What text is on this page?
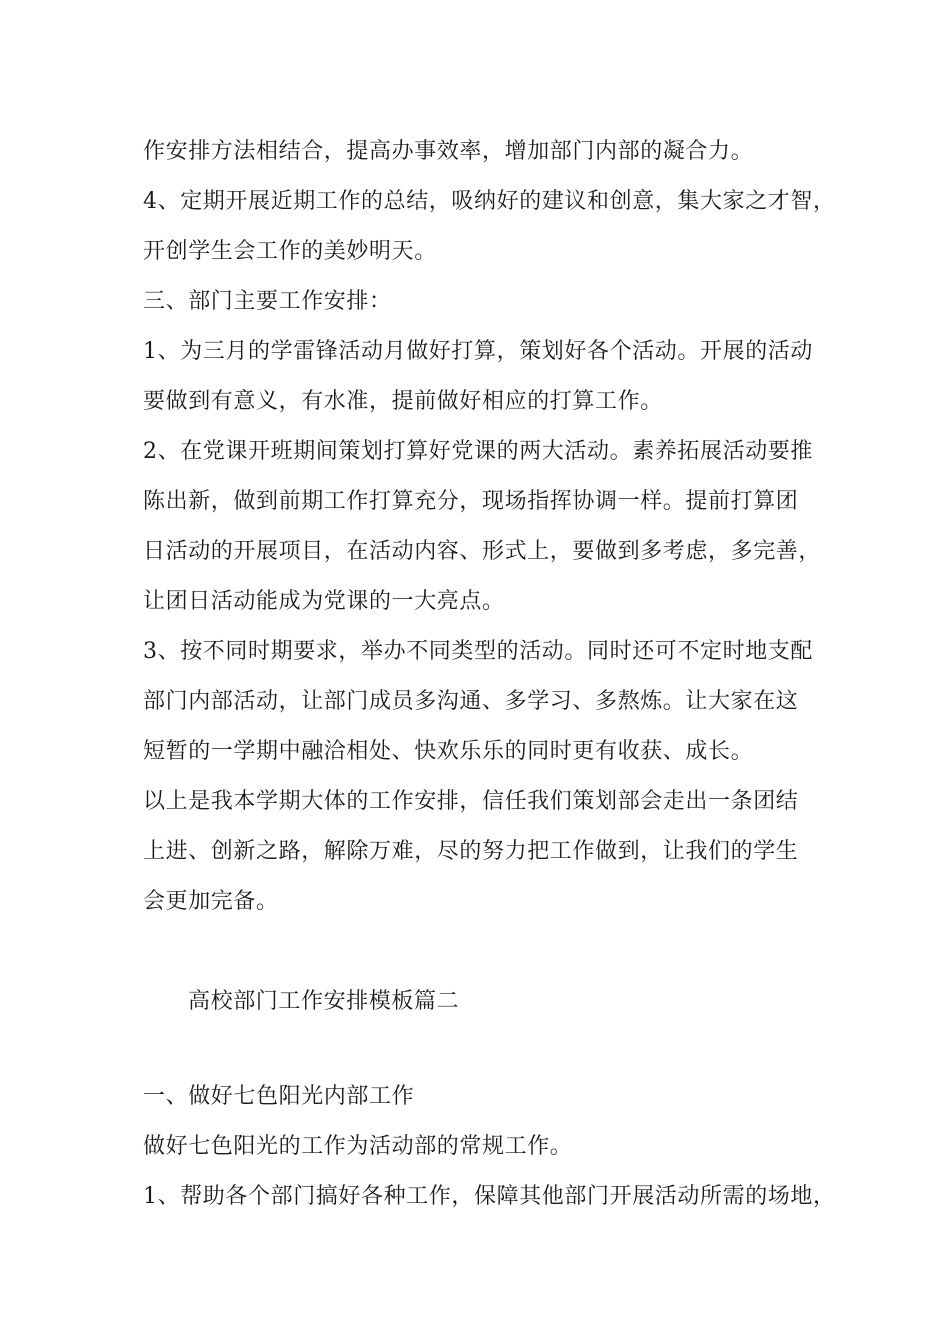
作安排方法相结合，提高办事效率，增加部门内部的凝合力。
4、定期开展近期工作的总结，吸纳好的建议和创意，集大家之才智，
开创学生会工作的美妙明天。
三、部门主要工作安排：
1、为三月的学雷锋活动月做好打算，策划好各个活动。开展的活动
要做到有意义，有水准，提前做好相应的打算工作。
2、在党课开班期间策划打算好党课的两大活动。素养拓展活动要推
陈出新，做到前期工作打算充分，现场指挥协调一样。提前打算团
日活动的开展项目，在活动内容、形式上，要做到多考虑，多完善，
让团日活动能成为党课的一大亮点。
3、按不同时期要求，举办不同类型的活动。同时还可不定时地支配
部门内部活动，让部门成员多沟通、多学习、多熬炼。让大家在这
短暂的一学期中融洽相处、快欢乐乐的同时更有收获、成长。
以上是我本学期大体的工作安排，信任我们策划部会走出一条团结
上进、创新之路，解除万难，尽的努力把工作做到，让我们的学生
会更加完备。
高校部门工作安排模板篇二
一、做好七色阳光内部工作
做好七色阳光的工作为活动部的常规工作。
1、帮助各个部门搞好各种工作，保障其他部门开展活动所需的场地，
